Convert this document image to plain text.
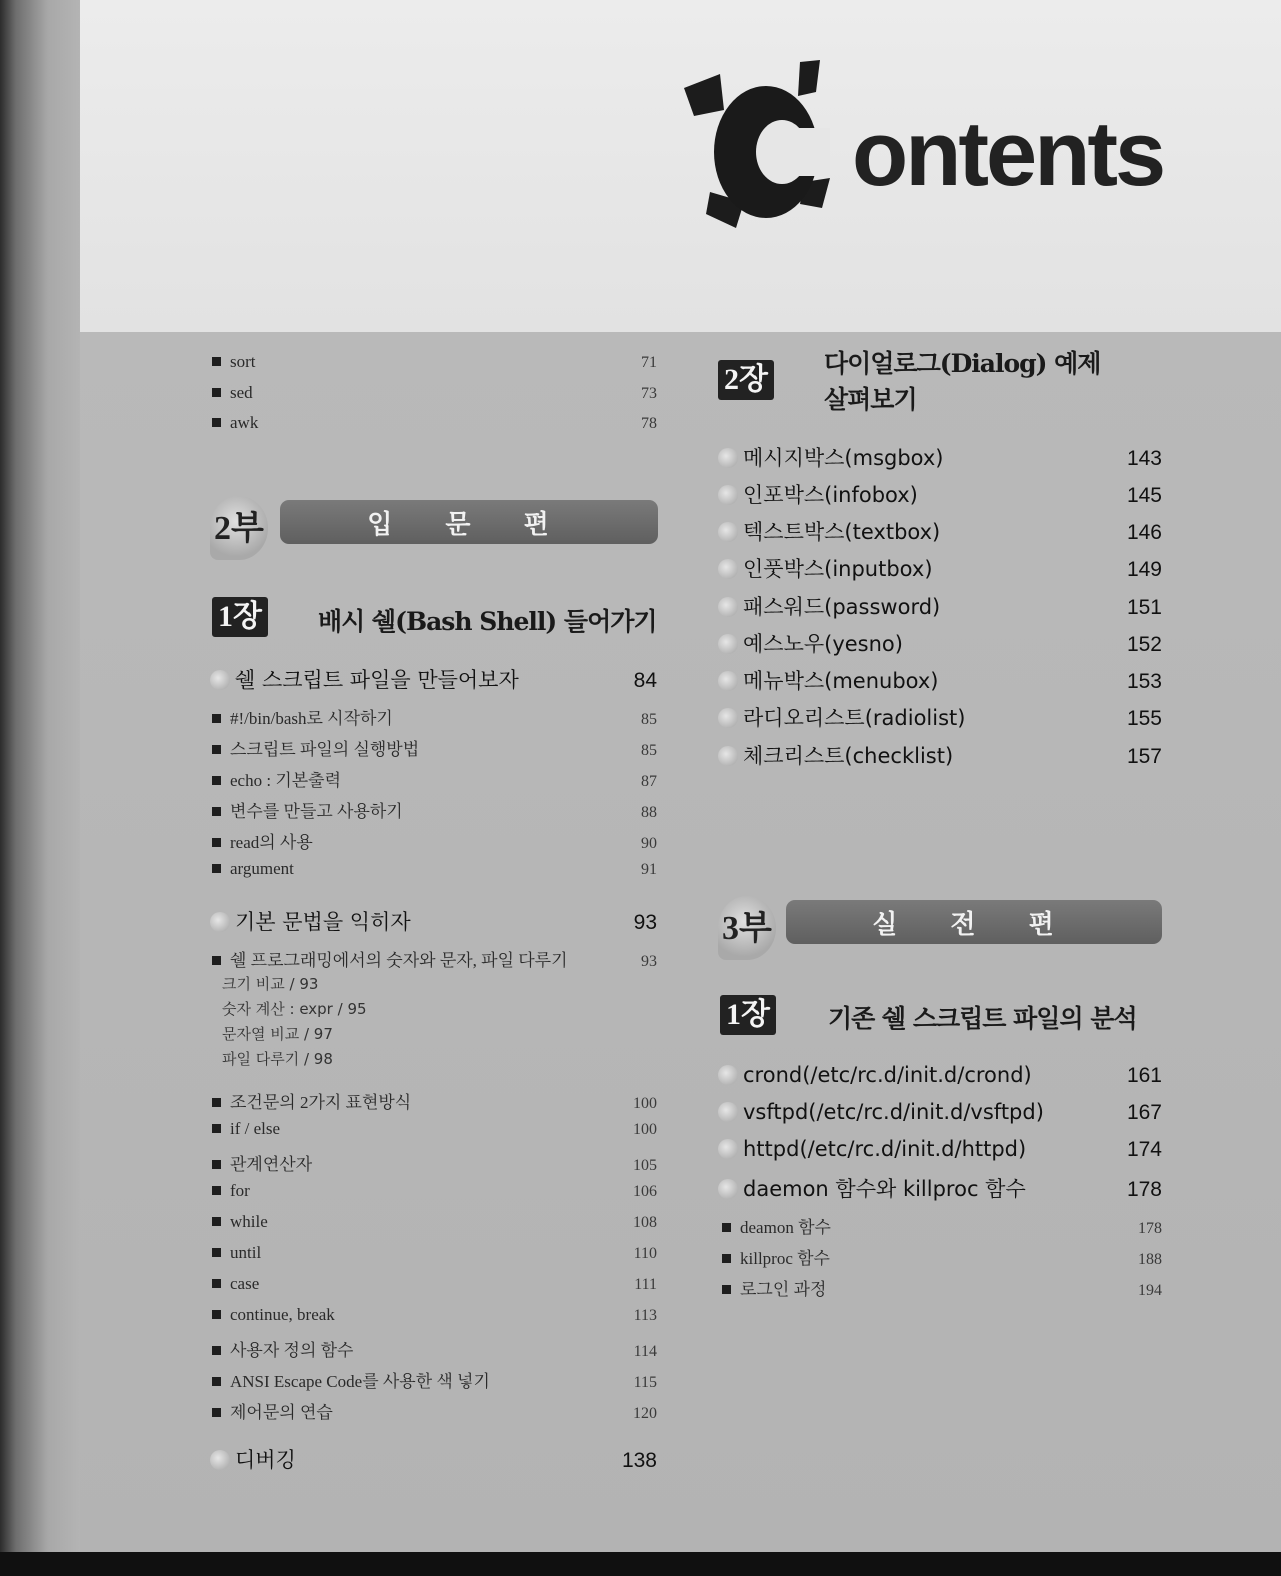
ontents
sort	71
sed	73
awk	78
2부	입 문 편
1장 배시 쉘(Bash Shell) 들어가기
쉘 스크립트 파일을 만들어보자	84
#!/bin/bash로 시작하기	85
스크립트 파일의 실행방법	85
echo : 기본출력	87
변수를 만들고 사용하기	88
read의 사용	90
argument	91
기본 문법을 익히자	93
쉘 프로그래밍에서의 숫자와 문자, 파일 다루기	93
크기 비교 / 93
숫자 계산 : expr / 95
문자열 비교 / 97
파일 다루기 / 98
조건문의 2가지 표현방식	100
if / else	100
관계연산자	105
for	106
while	108
until	110
case	111
continue, break	113
사용자 정의 함수	114
ANSI Escape Code를 사용한 색 넣기	115
제어문의 연습	120
디버깅	138
2장 다이얼로그(Dialog) 예제
살펴보기
메시지박스(msgbox)	143
인포박스(infobox)	145
텍스트박스(textbox)	146
인풋박스(inputbox)	149
패스워드(password)	151
예스노우(yesno)	152
메뉴박스(menubox)	153
라디오리스트(radiolist)	155
체크리스트(checklist)	157
3부	실 전 편
1장 기존 쉘 스크립트 파일의 분석
crond(/etc/rc.d/init.d/crond)	161
vsftpd(/etc/rc.d/init.d/vsftpd)	167
httpd(/etc/rc.d/init.d/httpd)	174
daemon 함수와 killproc 함수	178
deamon 함수	178
killproc 함수	188
로그인 과정	194
